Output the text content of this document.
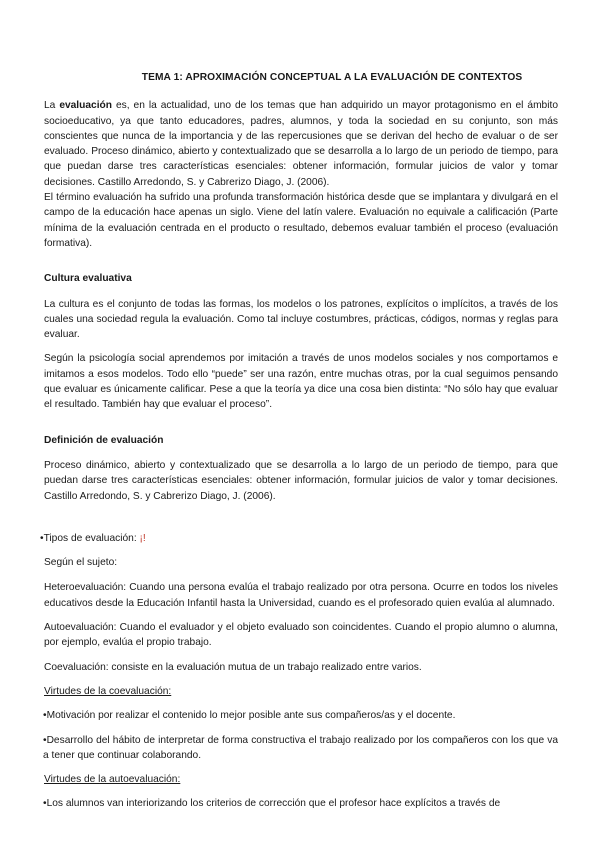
TEMA 1: APROXIMACIÓN CONCEPTUAL A LA EVALUACIÓN DE CONTEXTOS

La evaluación es, en la actualidad, uno de los temas que han adquirido un mayor protagonismo en el ámbito socioeducativo, ya que tanto educadores, padres, alumnos, y toda la sociedad en su conjunto, son más conscientes que nunca de la importancia y de las repercusiones que se derivan del hecho de evaluar o de ser evaluado. Proceso dinámico, abierto y contextualizado que se desarrolla a lo largo de un periodo de tiempo, para que puedan darse tres características esenciales: obtener información, formular juicios de valor y tomar decisiones. Castillo Arredondo, S. y Cabrerizo Diago, J. (2006).

El término evaluación ha sufrido una profunda transformación histórica desde que se implantara y divulgará en el campo de la educación hace apenas un siglo. Viene del latín valere. Evaluación no equivale a calificación (Parte mínima de la evaluación centrada en el producto o resultado, debemos evaluar también el proceso (evaluación formativa).

Cultura evaluativa

La cultura es el conjunto de todas las formas, los modelos o los patrones, explícitos o implícitos, a través de los cuales una sociedad regula la evaluación. Como tal incluye costumbres, prácticas, códigos, normas y reglas para evaluar.

Según la psicología social aprendemos por imitación a través de unos modelos sociales y nos comportamos e imitamos a esos modelos. Todo ello “puede” ser una razón, entre muchas otras, por la cual seguimos pensando que evaluar es únicamente calificar. Pese a que la teoría ya dice una cosa bien distinta: “No sólo hay que evaluar el resultado. También hay que evaluar el proceso”.

Definición de evaluación

Proceso dinámico, abierto y contextualizado que se desarrolla a lo largo de un periodo de tiempo, para que puedan darse tres características esenciales: obtener información, formular juicios de valor y tomar decisiones. Castillo Arredondo, S. y Cabrerizo Diago, J. (2006).

•Tipos de evaluación: ¡!

Según el sujeto:

Heteroevaluación: Cuando una persona evalúa el trabajo realizado por otra persona. Ocurre en todos los niveles educativos desde la Educación Infantil hasta la Universidad, cuando es el profesorado quien evalúa al alumnado.

Autoevaluación: Cuando el evaluador y el objeto evaluado son coincidentes. Cuando el propio alumno o alumna, por ejemplo, evalúa el propio trabajo.

Coevaluación: consiste en la evaluación mutua de un trabajo realizado entre varios.

Virtudes de la coevaluación:

•Motivación por realizar el contenido lo mejor posible ante sus compañeros/as y el docente.

•Desarrollo del hábito de interpretar de forma constructiva el trabajo realizado por los compañeros con los que va a tener que continuar colaborando.

Virtudes de la autoevaluación:

•Los alumnos van interiorizando los criterios de corrección que el profesor hace explícitos a través de
